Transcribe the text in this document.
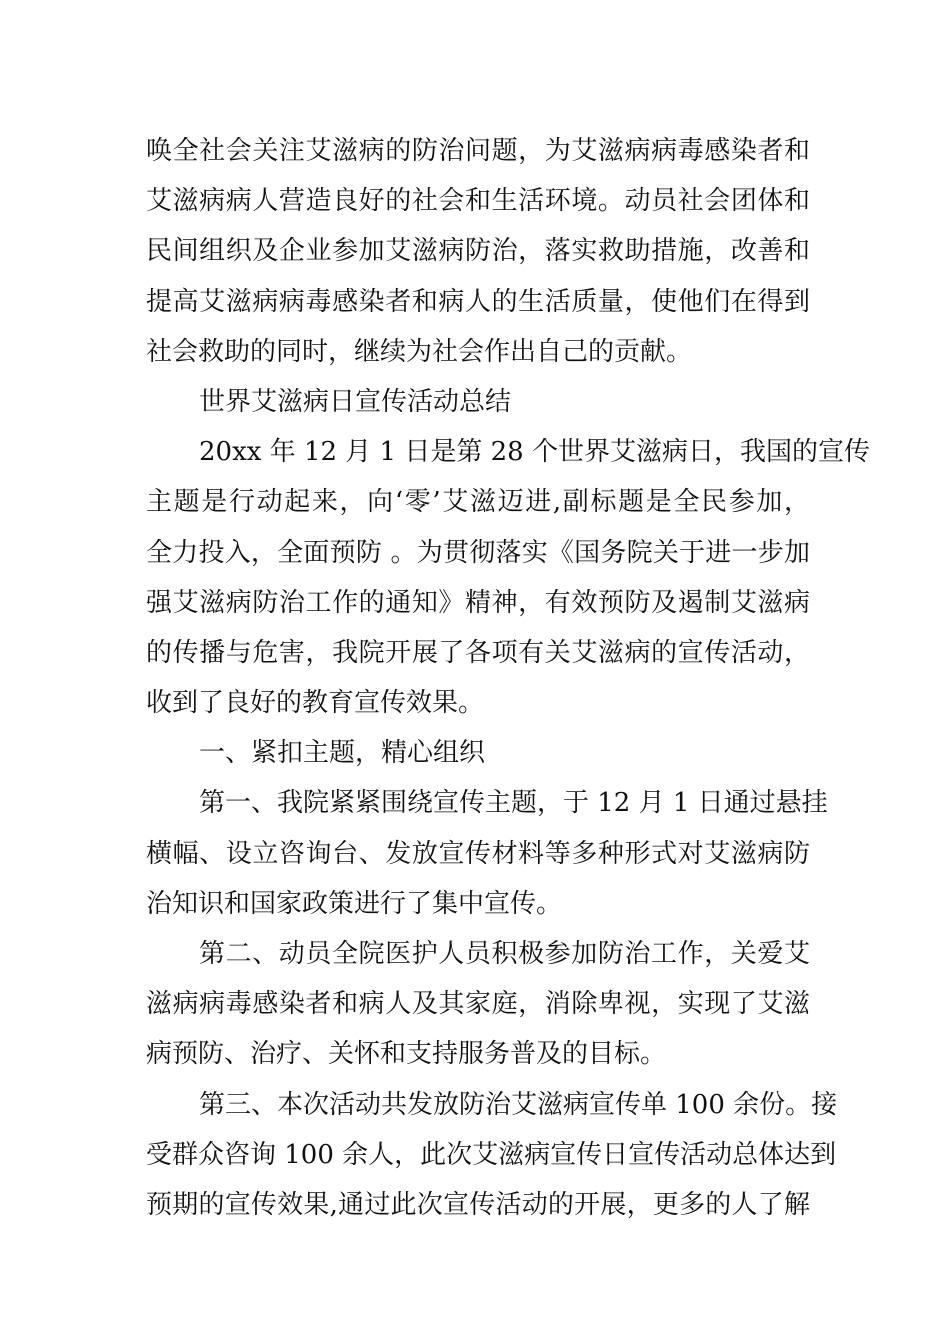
唤全社会关注艾滋病的防治问题，为艾滋病病毒感染者和
艾滋病病人营造良好的社会和生活环境。动员社会团体和
民间组织及企业参加艾滋病防治，落实救助措施，改善和
提高艾滋病病毒感染者和病人的生活质量，使他们在得到
社会救助的同时，继续为社会作出自己的贡献。
世界艾滋病日宣传活动总结
20xx 年 12 月 1 日是第 28 个世界艾滋病日，我国的宣传
主题是行动起来，向‘零’艾滋迈进,副标题是全民参加，
全力投入，全面预防 。为贯彻落实《国务院关于进一步加
强艾滋病防治工作的通知》精神，有效预防及遏制艾滋病
的传播与危害，我院开展了各项有关艾滋病的宣传活动，
收到了良好的教育宣传效果。
一、紧扣主题，精心组织
第一、我院紧紧围绕宣传主题，于 12 月 1 日通过悬挂
横幅、设立咨询台、发放宣传材料等多种形式对艾滋病防
治知识和国家政策进行了集中宣传。
第二、动员全院医护人员积极参加防治工作，关爱艾
滋病病毒感染者和病人及其家庭，消除卑视，实现了艾滋
病预防、治疗、关怀和支持服务普及的目标。
第三、本次活动共发放防治艾滋病宣传单 100 余份。接
受群众咨询 100 余人，此次艾滋病宣传日宣传活动总体达到
预期的宣传效果,通过此次宣传活动的开展，更多的人了解
